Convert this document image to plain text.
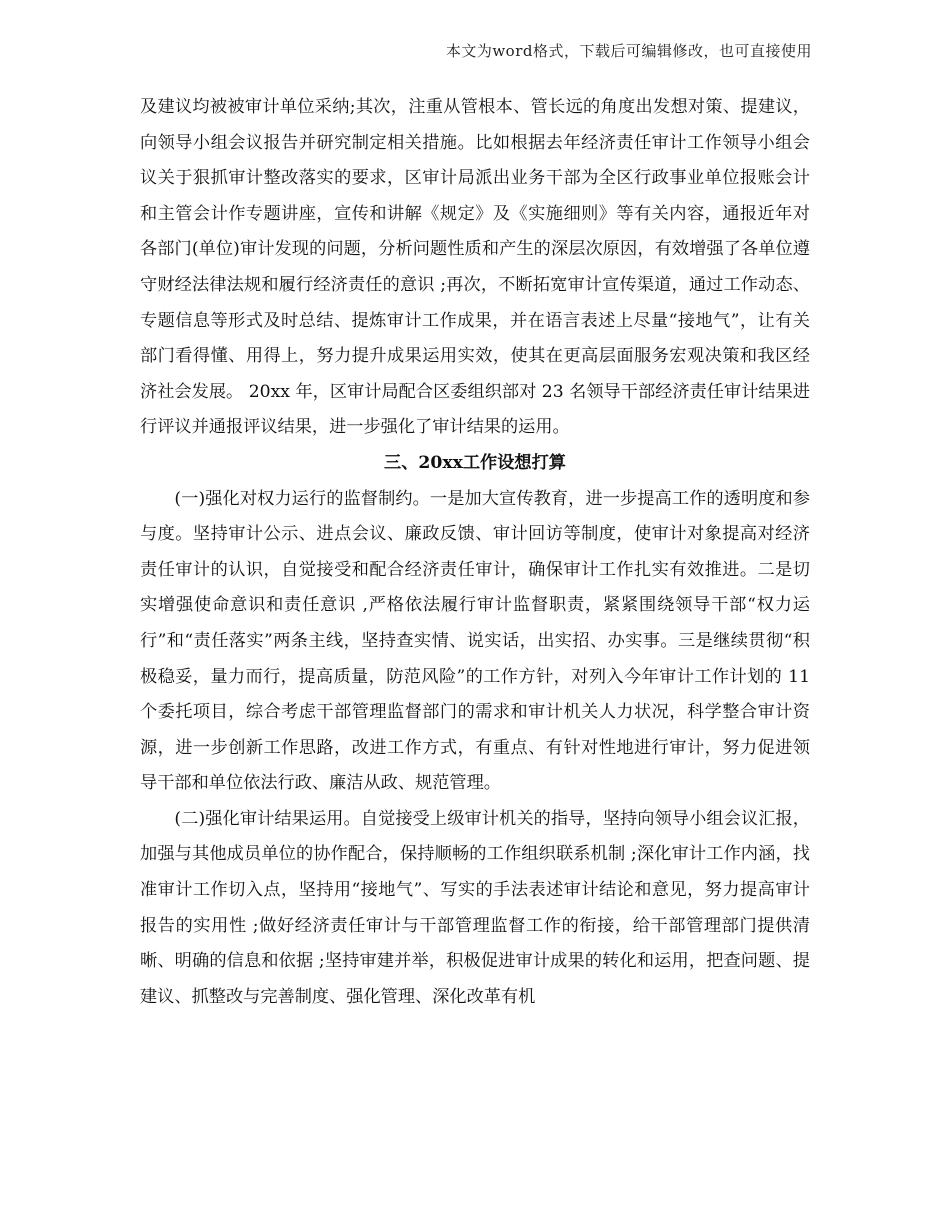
本文为word格式，下载后可编辑修改，也可直接使用

及建议均被被审计单位采纳;其次，注重从管根本、管长远的角度出发想对策、提建议，向领导小组会议报告并研究制定相关措施。比如根据去年经济责任审计工作领导小组会议关于狠抓审计整改落实的要求，区审计局派出业务干部为全区行政事业单位报账会计和主管会计作专题讲座，宣传和讲解《规定》及《实施细则》等有关内容，通报近年对各部门(单位)审计发现的问题，分析问题性质和产生的深层次原因，有效增强了各单位遵守财经法律法规和履行经济责任的意识 ;再次，不断拓宽审计宣传渠道，通过工作动态、专题信息等形式及时总结、提炼审计工作成果，并在语言表述上尽量“接地气”，让有关部门看得懂、用得上，努力提升成果运用实效，使其在更高层面服务宏观决策和我区经济社会发展。 20xx 年，区审计局配合区委组织部对 23 名领导干部经济责任审计结果进行评议并通报评议结果，进一步强化了审计结果的运用。

三、20xx工作设想打算

(一)强化对权力运行的监督制约。一是加大宣传教育，进一步提高工作的透明度和参与度。坚持审计公示、进点会议、廉政反馈、审计回访等制度，使审计对象提高对经济责任审计的认识，自觉接受和配合经济责任审计，确保审计工作扎实有效推进。二是切实增强使命意识和责任意识 ,严格依法履行审计监督职责，紧紧围绕领导干部“权力运行”和“责任落实”两条主线，坚持查实情、说实话，出实招、办实事。三是继续贯彻“积极稳妥，量力而行，提高质量，防范风险”的工作方针，对列入今年审计工作计划的 11 个委托项目，综合考虑干部管理监督部门的需求和审计机关人力状况，科学整合审计资源，进一步创新工作思路，改进工作方式，有重点、有针对性地进行审计，努力促进领导干部和单位依法行政、廉洁从政、规范管理。

(二)强化审计结果运用。自觉接受上级审计机关的指导，坚持向领导小组会议汇报，加强与其他成员单位的协作配合，保持顺畅的工作组织联系机制 ;深化审计工作内涵，找准审计工作切入点，坚持用“接地气”、写实的手法表述审计结论和意见，努力提高审计报告的实用性 ;做好经济责任审计与干部管理监督工作的衔接，给干部管理部门提供清晰、明确的信息和依据 ;坚持审建并举，积极促进审计成果的转化和运用，把查问题、提建议、抓整改与完善制度、强化管理、深化改革有机
